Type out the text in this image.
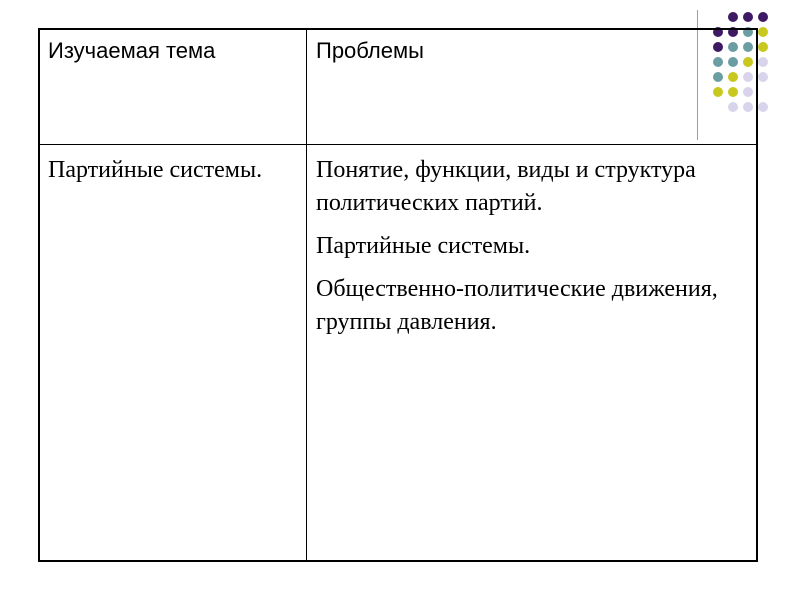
Изучаемая тема	Проблемы
Партийные системы.	Понятие, функции, виды и структура политических партий.

Партийные системы.

Общественно-политические движения, группы давления.
